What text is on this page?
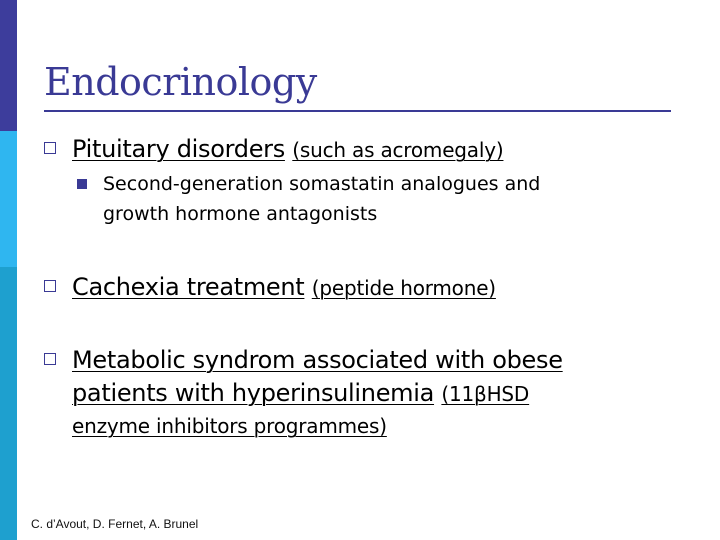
Endocrinology
Pituitary disorders (such as acromegaly)
Second-generation somastatin analogues and
growth hormone antagonists
Cachexia treatment (peptide hormone)
Metabolic syndrom associated with obese
patients with hyperinsulinemia (11βHSD
enzyme inhibitors programmes)
C. d’Avout, D. Fernet, A. Brunel
